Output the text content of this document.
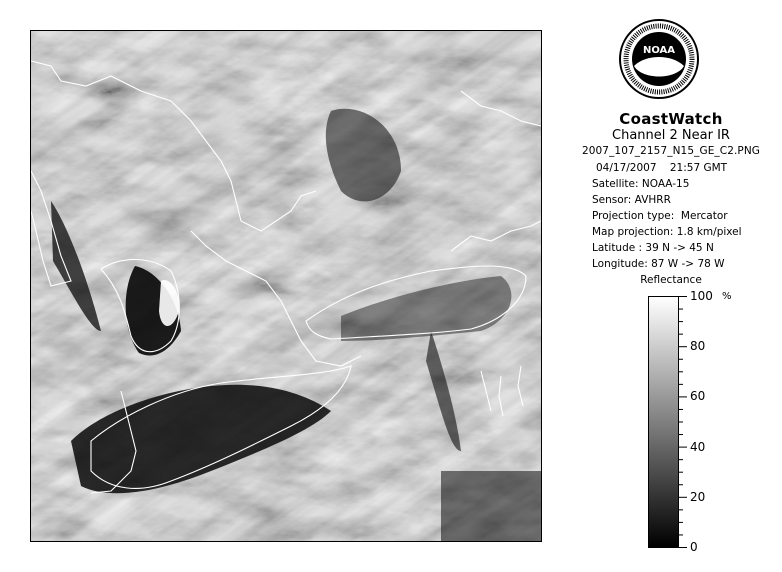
NOAA
CoastWatch
Channel 2 Near IR
2007_107_2157_N15_GE_C2.PNG
04/17/2007    21:57 GMT
Satellite: NOAA-15
Sensor: AVHRR
Projection type:  Mercator
Map projection: 1.8 km/pixel
Latitude : 39 N -> 45 N
Longitude: 87 W -> 78 W
Reflectance
%
100
80
60
40
20
0
